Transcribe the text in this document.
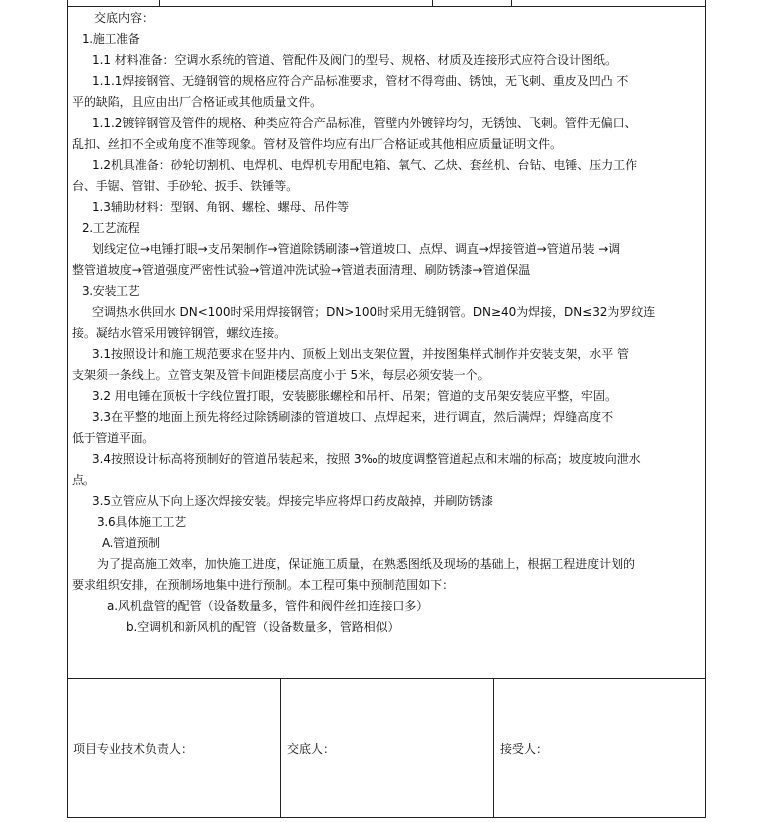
交底内容：
1.施工准备
1.1 材料准备：空调水系统的管道、管配件及阀门的型号、规格、材质及连接形式应符合设计图纸。
1.1.1焊接钢管、无缝钢管的规格应符合产品标准要求，管材不得弯曲、锈蚀，无飞刺、重皮及凹凸 不
平的缺陷，且应由出厂合格证或其他质量文件。
1.1.2镀锌钢管及管件的规格、种类应符合产品标准，管壁内外镀锌均匀，无锈蚀、飞刺。管件无偏口、
乱扣、丝扣不全或角度不准等现象。管材及管件均应有出厂合格证或其他相应质量证明文件。
1.2机具准备：砂轮切割机、电焊机、电焊机专用配电箱、氧气、乙炔、套丝机、台钻、电锤、压力工作
台、手锯、管钳、手砂轮、扳手、铁锤等。
1.3辅助材料：型钢、角钢、螺栓、螺母、吊件等
2.工艺流程
划线定位→电锤打眼→支吊架制作→管道除锈刷漆→管道坡口、点焊、调直→焊接管道→管道吊装 →调
整管道坡度→管道强度严密性试验→管道冲洗试验→管道表面清理、刷防锈漆→管道保温
3.安装工艺
空调热水供回水 DN<100时采用焊接钢管；DN>100时采用无缝钢管。DN≥40为焊接，DN≤32为罗纹连
接。凝结水管采用镀锌钢管，螺纹连接。
3.1按照设计和施工规范要求在竖井内、顶板上划出支架位置，并按图集样式制作并安装支架，水平 管
支架须一条线上。立管支架及管卡间距楼层高度小于 5米，每层必须安装一个。
3.2 用电锤在顶板十字线位置打眼，安装膨胀螺栓和吊杆、吊架；管道的支吊架安装应平整，牢固。
3.3在平整的地面上预先将经过除锈刷漆的管道坡口、点焊起来，进行调直，然后满焊；焊缝高度不
低于管道平面。
3.4按照设计标高将预制好的管道吊装起来，按照 3‰的坡度调整管道起点和末端的标高；坡度坡向泄水
点。
3.5立管应从下向上逐次焊接安装。焊接完毕应将焊口药皮敲掉，并刷防锈漆
3.6具体施工工艺
A.管道预制
为了提高施工效率，加快施工进度，保证施工质量，在熟悉图纸及现场的基础上，根据工程进度计划的
要求组织安排，在预制场地集中进行预制。本工程可集中预制范围如下：
a.风机盘管的配管（设备数量多，管件和阀件丝扣连接口多）
b.空调机和新风机的配管（设备数量多，管路相似）
项目专业技术负责人：	交底人：	接受人：
